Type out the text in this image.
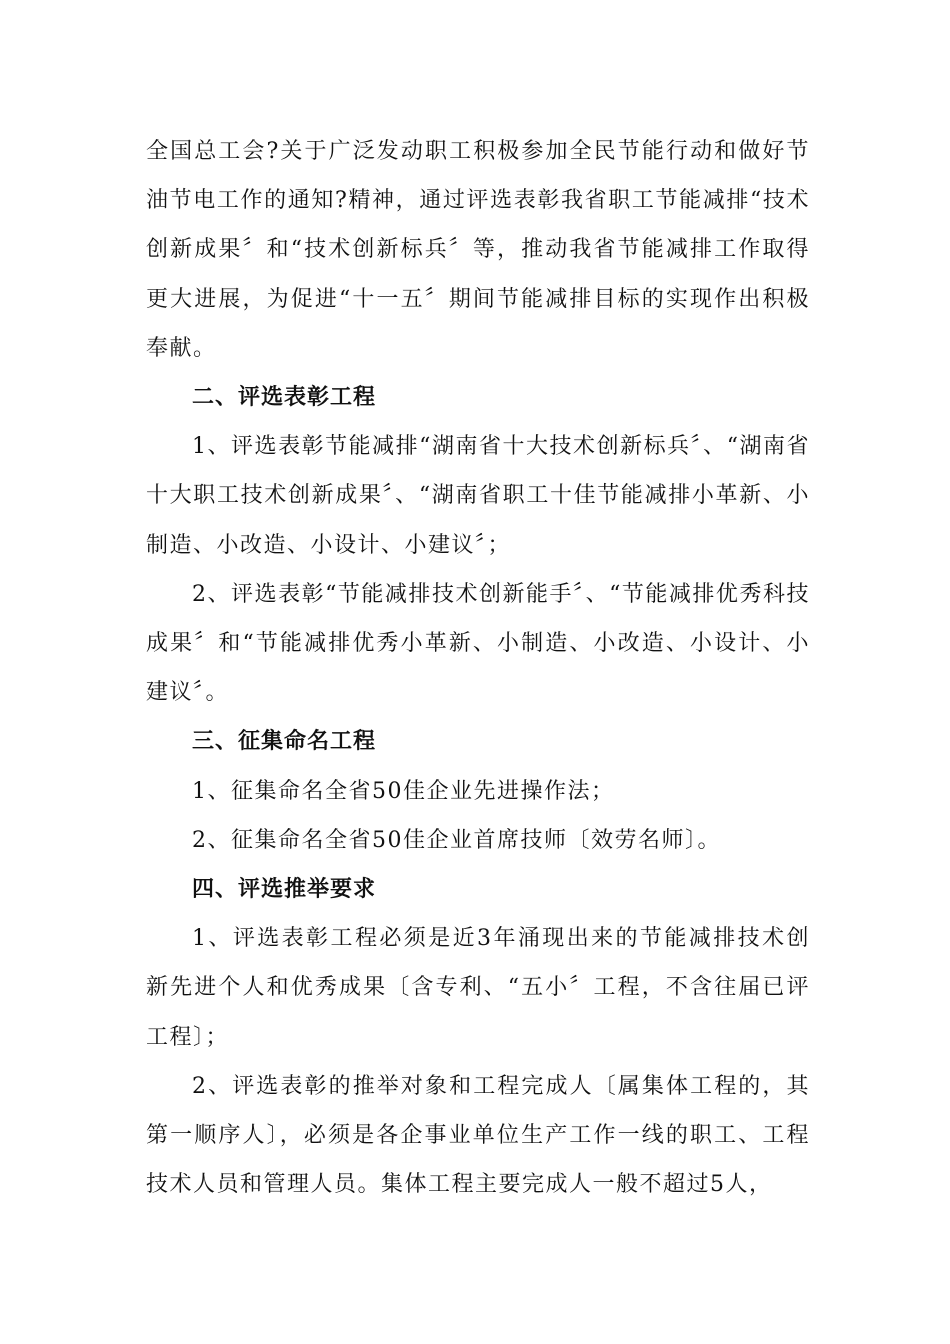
全国总工会?关于广泛发动职工积极参加全民节能行动和做好节油节电工作的通知?精神，通过评选表彰我省职工节能减排“技术创新成果〞和“技术创新标兵〞等，推动我省节能减排工作取得更大进展，为促进“十一五〞期间节能减排目标的实现作出积极奉献。

二、评选表彰工程

1、评选表彰节能减排“湖南省十大技术创新标兵〞、“湖南省十大职工技术创新成果〞、“湖南省职工十佳节能减排小革新、小制造、小改造、小设计、小建议〞；

2、评选表彰“节能减排技术创新能手〞、“节能减排优秀科技成果〞和“节能减排优秀小革新、小制造、小改造、小设计、小建议〞。

三、征集命名工程

1、征集命名全省50佳企业先进操作法；

2、征集命名全省50佳企业首席技师〔效劳名师〕。

四、评选推举要求

1、评选表彰工程必须是近3年涌现出来的节能减排技术创新先进个人和优秀成果〔含专利、“五小〞工程，不含往届已评工程〕；

2、评选表彰的推举对象和工程完成人〔属集体工程的，其第一顺序人〕，必须是各企事业单位生产工作一线的职工、工程技术人员和管理人员。集体工程主要完成人一般不超过5人，
